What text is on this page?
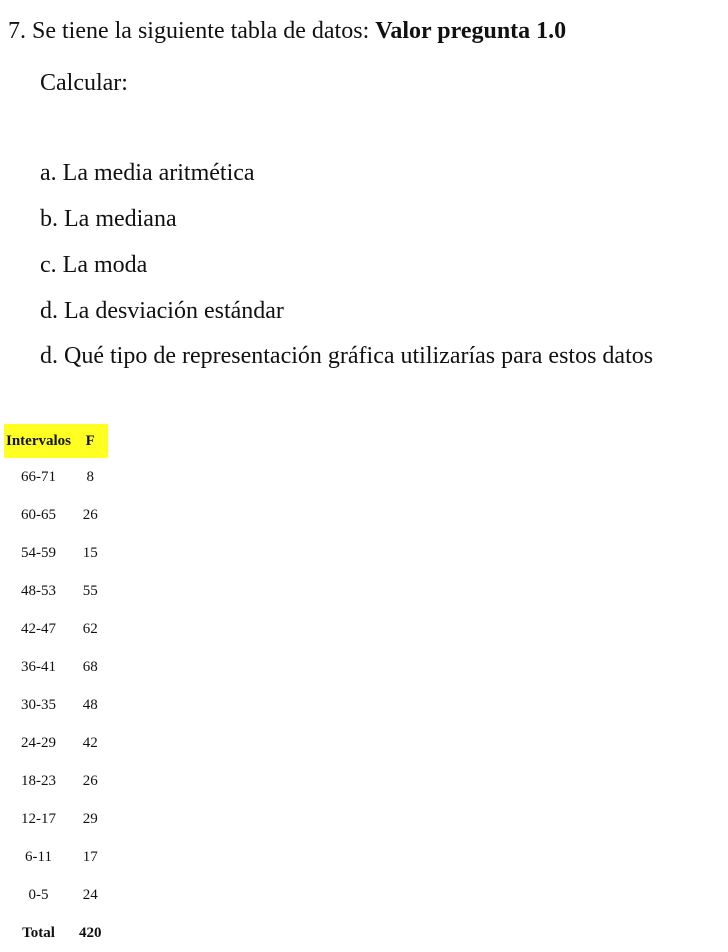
7. Se tiene la siguiente tabla de datos: Valor pregunta 1.0
Calcular:
a. La media aritmética
b. La mediana
c. La moda
d. La desviación estándar
d. Qué tipo de representación gráfica utilizarías para estos datos
Intervalos	F
66-71	8
60-65	26
54-59	15
48-53	55
42-47	62
36-41	68
30-35	48
24-29	42
18-23	26
12-17	29
6-11	17
0-5	24
Total	420
